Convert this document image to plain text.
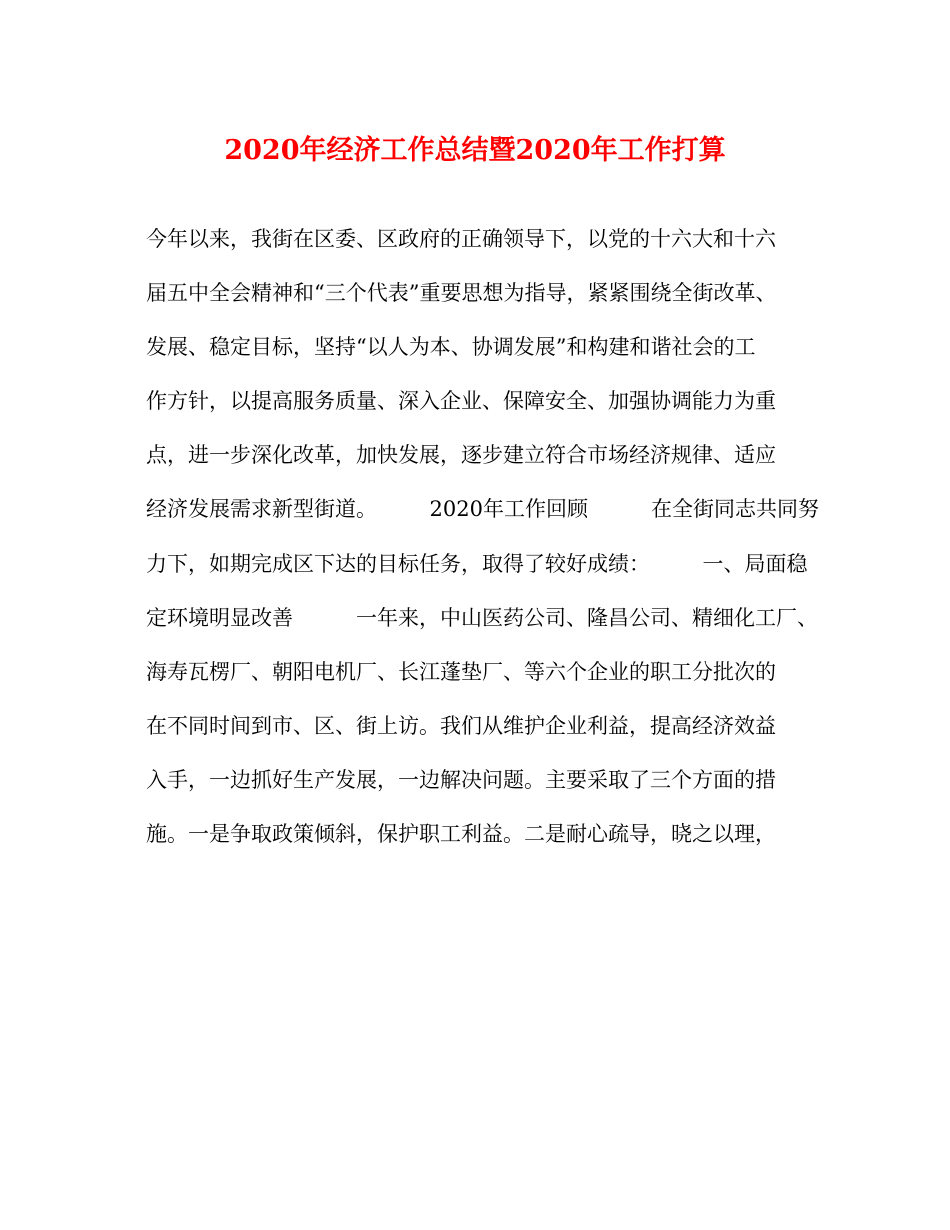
2020年经济工作总结暨2020年工作打算
今年以来，我街在区委、区政府的正确领导下，以党的十六大和十六
届五中全会精神和“三个代表”重要思想为指导，紧紧围绕全街改革、
发展、稳定目标，坚持“以人为本、协调发展”和构建和谐社会的工
作方针，以提高服务质量、深入企业、保障安全、加强协调能力为重
点，进一步深化改革，加快发展，逐步建立符合市场经济规律、适应
经济发展需求新型街道。　　　2020年工作回顾　　　在全街同志共同努
力下，如期完成区下达的目标任务，取得了较好成绩：　　　一、局面稳
定环境明显改善　　　一年来，中山医药公司、隆昌公司、精细化工厂、
海寿瓦楞厂、朝阳电机厂、长江蓬垫厂、等六个企业的职工分批次的
在不同时间到市、区、街上访。我们从维护企业利益，提高经济效益
入手，一边抓好生产发展，一边解决问题。主要采取了三个方面的措
施。一是争取政策倾斜，保护职工利益。二是耐心疏导，晓之以理，
